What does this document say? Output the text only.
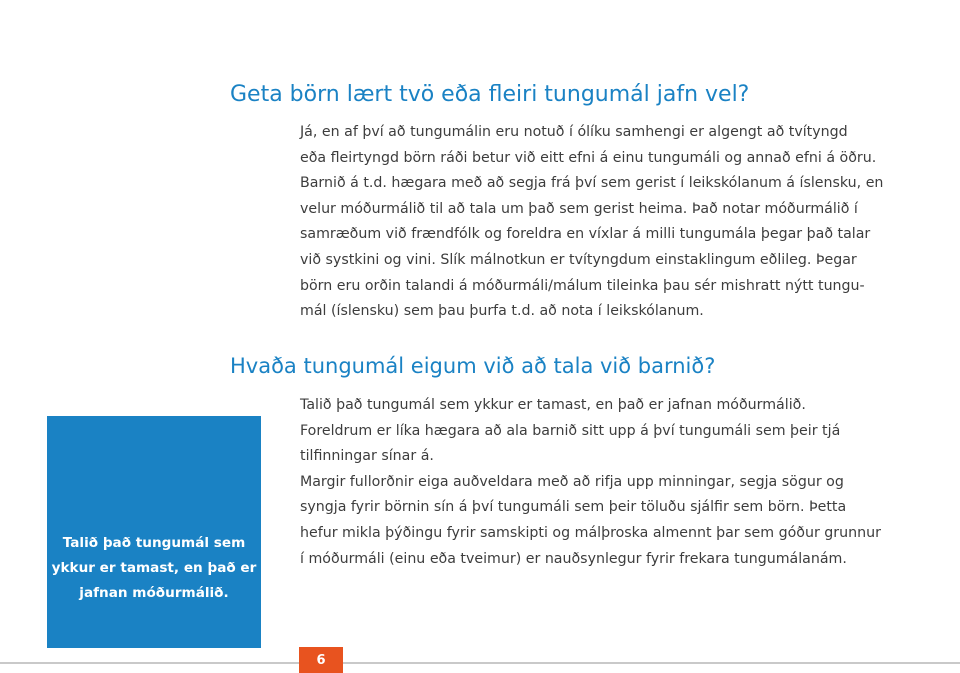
Geta börn lært tvö eða fleiri tungumál jafn vel?
Já, en af því að tungumálin eru notuð í ólíku samhengi er algengt að tvítyngd
eða fleirtyngd börn ráði betur við eitt efni á einu tungumáli og annað efni á öðru.
Barnið á t.d. hægara með að segja frá því sem gerist í leikskólanum á íslensku, en
velur móðurmálið til að tala um það sem gerist heima. Það notar móðurmálið í
samræðum við frændfólk og foreldra en víxlar á milli tungumála þegar það talar
við systkini og vini. Slík málnotkun er tvítyngdum einstaklingum eðlileg. Þegar
börn eru orðin talandi á móðurmáli/málum tileinka þau sér mishratt nýtt tungu-
mál (íslensku) sem þau þurfa t.d. að nota í leikskólanum.
Hvaða tungumál eigum við að tala við barnið?
Talið það tungumál sem ykkur er tamast, en það er jafnan móðurmálið.
Foreldrum er líka hægara að ala barnið sitt upp á því tungumáli sem þeir tjá
tilfinningar sínar á.
Margir fullorðnir eiga auðveldara með að rifja upp minningar, segja sögur og
syngja fyrir börnin sín á því tungumáli sem þeir töluðu sjálfir sem börn. Þetta
hefur mikla þýðingu fyrir samskipti og málþroska almennt þar sem góður grunnur
í móðurmáli (einu eða tveimur) er nauðsynlegur fyrir frekara tungumálanám.

Talið það tungumál sem
ykkur er tamast, en það er
jafnan móðurmálið.

6
